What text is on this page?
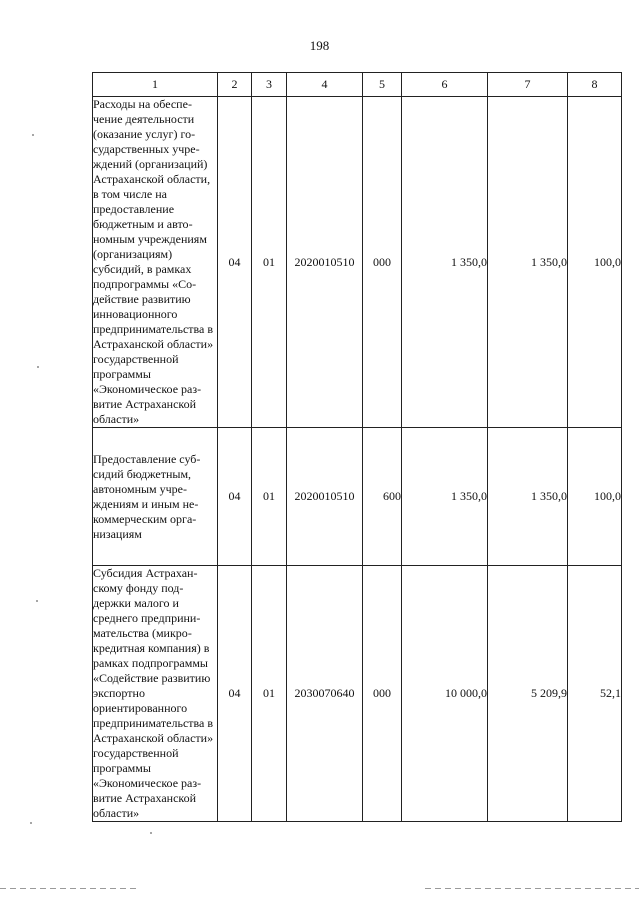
198
1	2	3	4	5	6	7	8
Расходы на обеспечение деятельности (оказание услуг) государственных учреждений (организаций) Астраханской области, в том числе на предоставление бюджетным и автономным учреждениям (организациям) субсидий, в рамках подпрограммы «Содействие развитию инновационного предпринимательства в Астраханской области» государственной программы «Экономическое развитие Астраханской области»	04	01	2020010510	000	1 350,0	1 350,0	100,0
Предоставление субсидий бюджетным, автономным учреждениям и иным некоммерческим организациям	04	01	2020010510	600	1 350,0	1 350,0	100,0
Субсидия Астраханскому фонду поддержки малого и среднего предпринимательства (микрокредитная компания) в рамках подпрограммы «Содействие развитию экспортно ориентированного предпринимательства в Астраханской области» государственной программы «Экономическое развитие Астраханской области»	04	01	2030070640	000	10 000,0	5 209,9	52,1
